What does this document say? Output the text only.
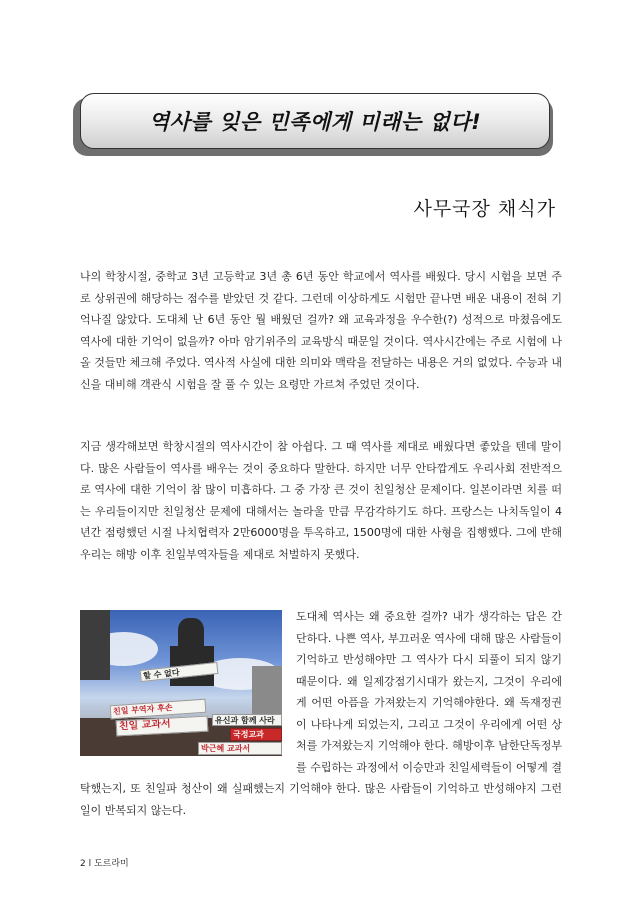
역사를 잊은 민족에게 미래는 없다!
사무국장 채식가

나의 학창시절, 중학교 3년 고등학교 3년 총 6년 동안 학교에서 역사를 배웠다. 당시 시험을 보면 주로 상위권에 해당하는 점수를 받았던 것 같다. 그런데 이상하게도 시험만 끝나면 배운 내용이 전혀 기억나질 않았다. 도대체 난 6년 동안 뭘 배웠던 걸까? 왜 교육과정을 우수한(?) 성적으로 마쳤음에도 역사에 대한 기억이 없을까? 아마 암기위주의 교육방식 때문일 것이다. 역사시간에는 주로 시험에 나올 것들만 체크해 주었다. 역사적 사실에 대한 의미와 맥락을 전달하는 내용은 거의 없었다. 수능과 내신을 대비해 객관식 시험을 잘 풀 수 있는 요령만 가르쳐 주었던 것이다.

지금 생각해보면 학창시절의 역사시간이 참 아쉽다. 그 때 역사를 제대로 배웠다면 좋았을 텐데 말이다. 많은 사람들이 역사를 배우는 것이 중요하다 말한다. 하지만 너무 안타깝게도 우리사회 전반적으로 역사에 대한 기억이 참 많이 미흡하다. 그 중 가장 큰 것이 친일청산 문제이다. 일본이라면 치를 떠는 우리들이지만 친일청산 문제에 대해서는 놀라울 만큼 무감각하기도 하다. 프랑스는 나치독일이 4년간 점령했던 시절 나치협력자 2만6000명을 투옥하고, 1500명에 대한 사형을 집행했다. 그에 반해 우리는 해방 이후 친일부역자들을 제대로 처벌하지 못했다.

할 수 없다
친일 부역자 후손
친일 교과서	유신과 함께 사라
국정교과
박근혜 교과서
도대체 역사는 왜 중요한 걸까? 내가 생각하는 답은 간단하다. 나쁜 역사, 부끄러운 역사에 대해 많은 사람들이 기억하고 반성해야만 그 역사가 다시 되풀이 되지 않기 때문이다. 왜 일제강점기시대가 왔는지, 그것이 우리에게 어떤 아픔을 가져왔는지 기억해야한다. 왜 독재정권이 나타나게 되었는지, 그리고 그것이 우리에게 어떤 상처를 가져왔는지 기억해야 한다. 해방이후 남한단독정부를 수립하는 과정에서 이승만과 친일세력들이 어떻게 결탁했는지, 또 친일파 청산이 왜 실패했는지 기억해야 한다. 많은 사람들이 기억하고 반성해야지 그런 일이 반복되지 않는다.
2 l 도르라미
